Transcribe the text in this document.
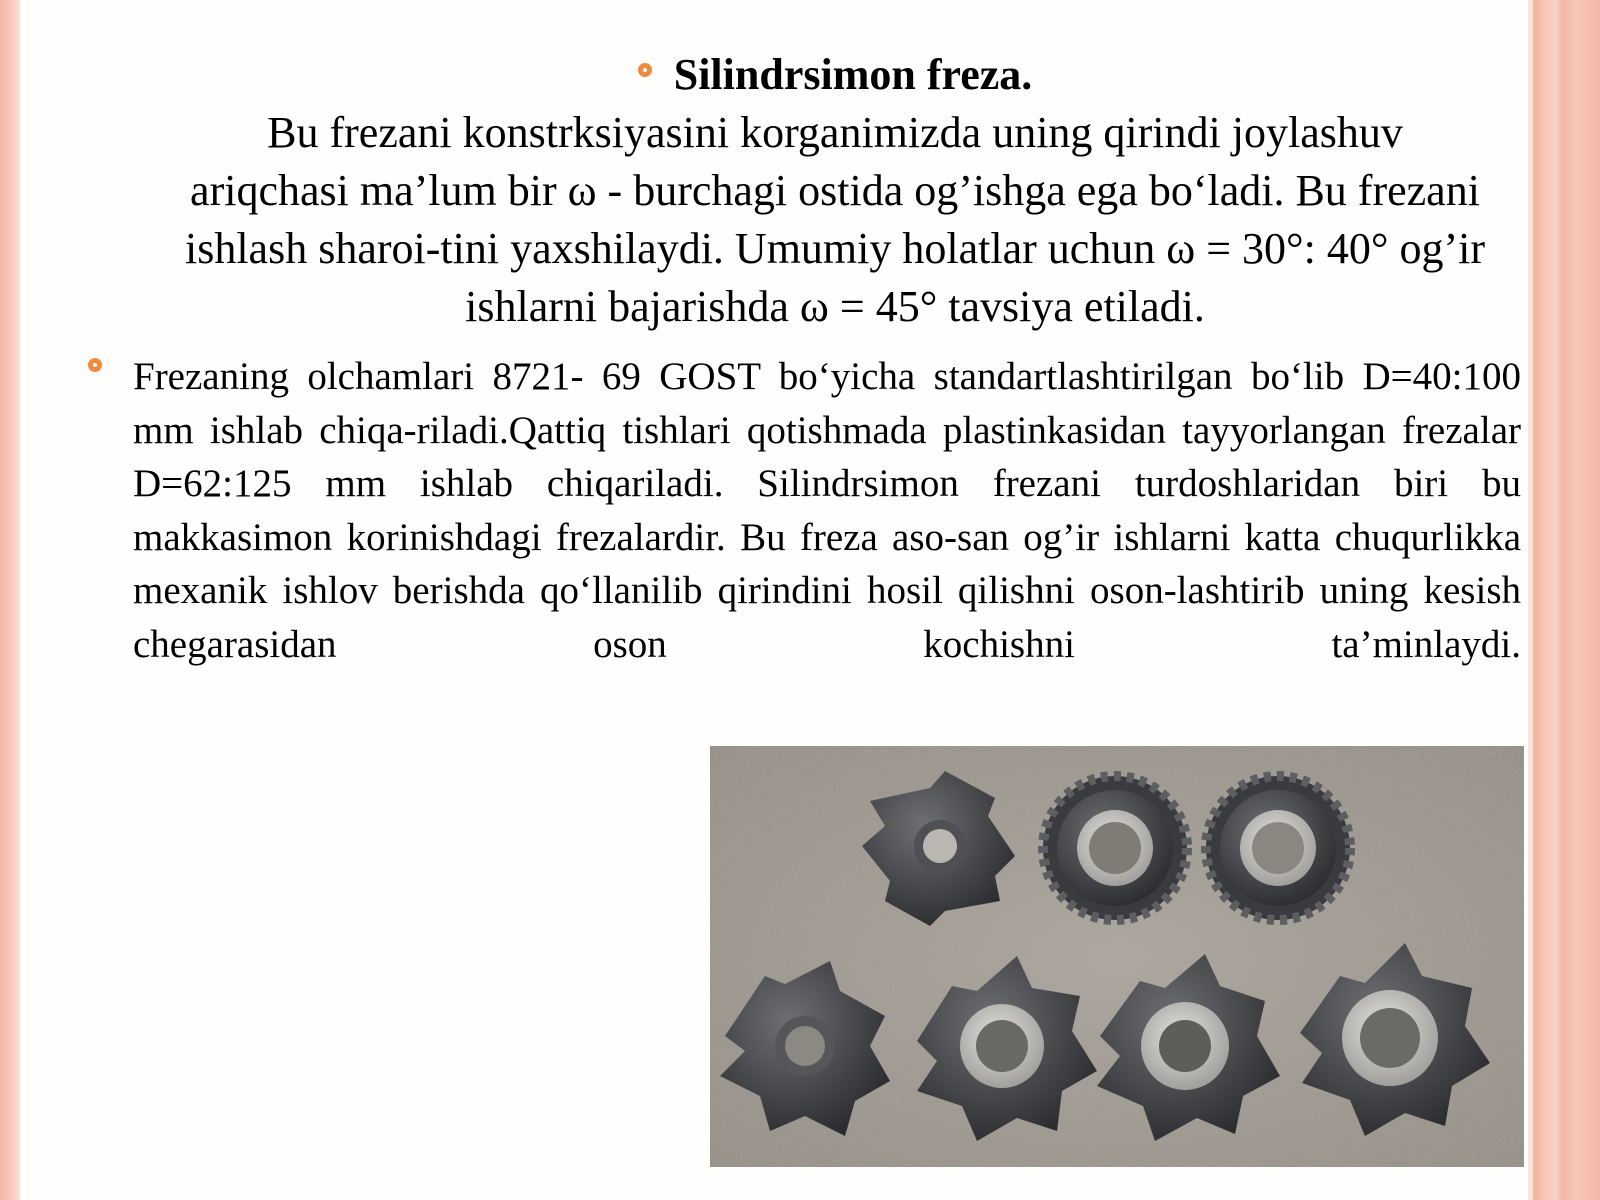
Silindrsimon freza.

Bu frezani konstrksiyasini korganimizda uning qirindi joylashuv ariqchasi ma’lum bir ω - burchagi ostida og’ishga ega bo‘ladi. Bu frezani ishlash sharoi-tini yaxshilaydi. Umumiy holatlar uchun ω = 30°: 40° og’ir ishlarni bajarishda ω = 45° tavsiya etiladi.

Frezaning olchamlari 8721- 69 GOST bo‘yicha standartlashtirilgan bo‘lib D=40:100 mm ishlab chiqa-riladi.Qattiq tishlari qotishmada plastinkasidan tayyorlangan frezalar D=62:125 mm ishlab chiqariladi. Silindrsimon frezani turdoshlaridan biri bu makkasimon korinishdagi frezalardir. Bu freza aso-san og’ir ishlarni katta chuqurlikka mexanik ishlov berishda qo‘llanilib qirindini hosil qilishni oson-lashtirib uning kesish chegarasidan oson kochishni ta’minlaydi.
